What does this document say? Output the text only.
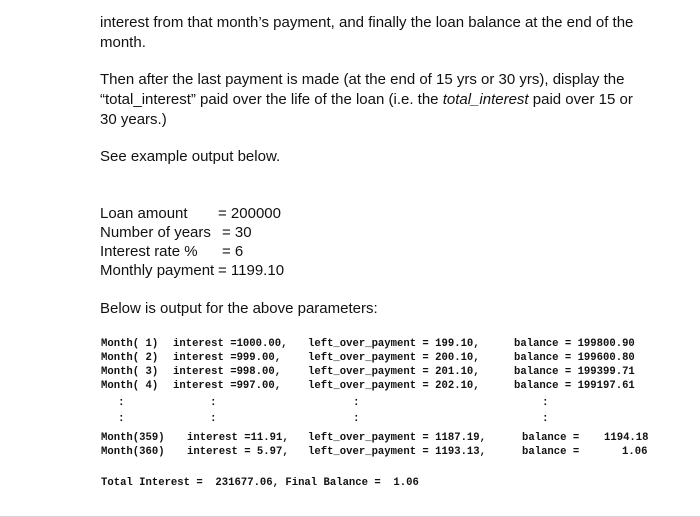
interest from that month’s payment, and finally the loan balance at the end of the
month.
Then after the last payment is made (at the end of 15 yrs or 30 yrs), display the
“total_interest” paid over the life of the loan (i.e. the total_interest paid over 15 or
30 years.)
See example output below.
Loan amount = 200000
Number of years = 30
Interest rate % = 6
Monthly payment = 1199.10
Below is output for the above parameters:
Month( 1) interest =1000.00, left_over_payment = 199.10,	balance = 199800.90
Month( 2) interest =999.00,	left_over_payment = 200.10,	balance = 199600.80
Month( 3) interest =998.00,	left_over_payment = 201.10,	balance = 199399.71
Month( 4) interest =997.00,	left_over_payment = 202.10,	balance = 199197.61
:	:	:	:
:	:	:	:
Month(359) interest =11.91, left_over_payment = 1187.19,	balance = 1194.18
Month(360) interest = 5.97, left_over_payment = 1193.13,	balance =	1.06
Total Interest =  231677.06, Final Balance =  1.06
